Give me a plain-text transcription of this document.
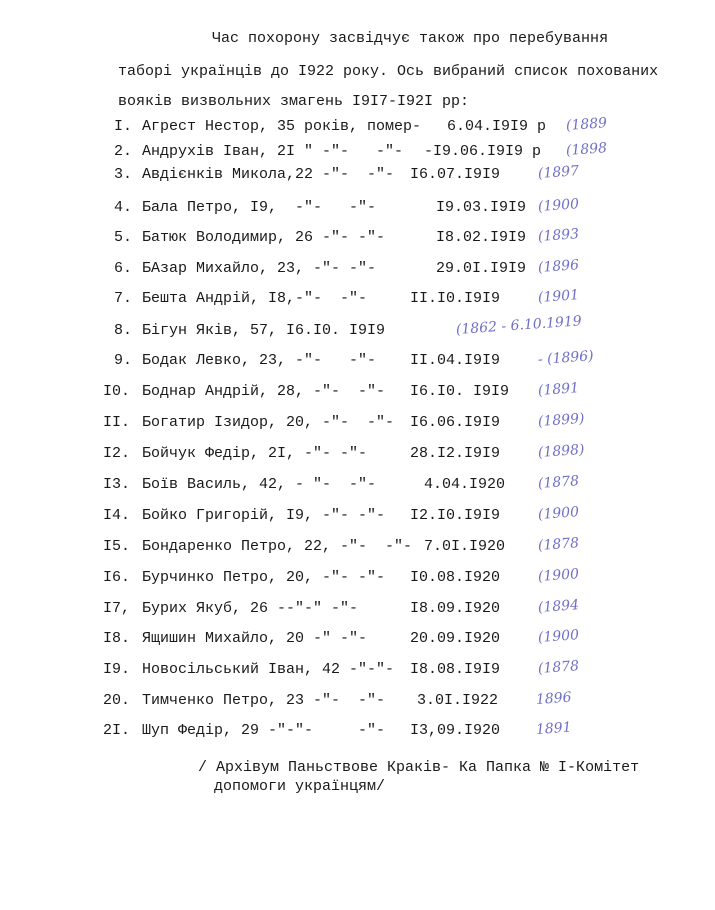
Час похорону засвідчує також про перебування
таборі українців до І922 року. Ось вибраний список похованих
вояків визвольних змагень І9І7-І92І рр:
I. Агрест Нестор, 35 років, помер- 6.04.I9I9 р (1889
2. Андрухів Іван, 2I " -"-   -"- -I9.06.I9I9 р (1898
3. Авдієнків Микола,22 -"-  -"- I6.07.I9I9	(1897
4. Бала Петро, I9,  -"-   -"-	I9.03.I9I9 (1900
5. Батюк Володимир, 26 -"- -"-	I8.02.I9I9 (1893
6. БАзар Михайло, 23, -"- -"-	29.0I.I9I9 (1896
7. Бешта Андрій, I8,-"-  -"-	II.I0.I9I9	(1901
8. Бігун Яків, 57, I6.I0. I9I9	(1862 - 6.10.1919
9. Бодак Левко, 23, -"-   -"- II.04.I9I9	- (1896)
I0. Боднар Андрій, 28, -"-  -"- I6.I0. I9I9 (1891
II. Богатир Ізидор, 20, -"-  -"- I6.06.I9I9	(1899)
I2. Бойчук Федір, 2I, -"- -"-	28.I2.I9I9	(1898)
I3. Боїв Василь, 42, - "-  -"-	4.04.I920 (1878
I4. Бойко Григорій, I9, -"- -"- I2.I0.I9I9	(1900
I5. Бондаренко Петро, 22, -"-  -"- 7.0I.I920 (1878
I6. Бурчинко Петро, 20, -"- -"- I0.08.I920	(1900
I7, Бурих Якуб, 26 --"-" -"-	I8.09.I920	(1894
I8. Ящишин Михайло, 20 -" -"-	20.09.I920	(1900
I9. Новосільський Іван, 42 -"-"- I8.08.I9I9	(1878
20. Тимченко Петро, 23 -"-  -"- 3.0I.I922	1896
2I. Шуп Федір, 29 -"-"-     -"- I3,09.I920	1891
/ Архівум Паньствове Краків- Ка Папка № I-Комітет
допомоги українцям/
